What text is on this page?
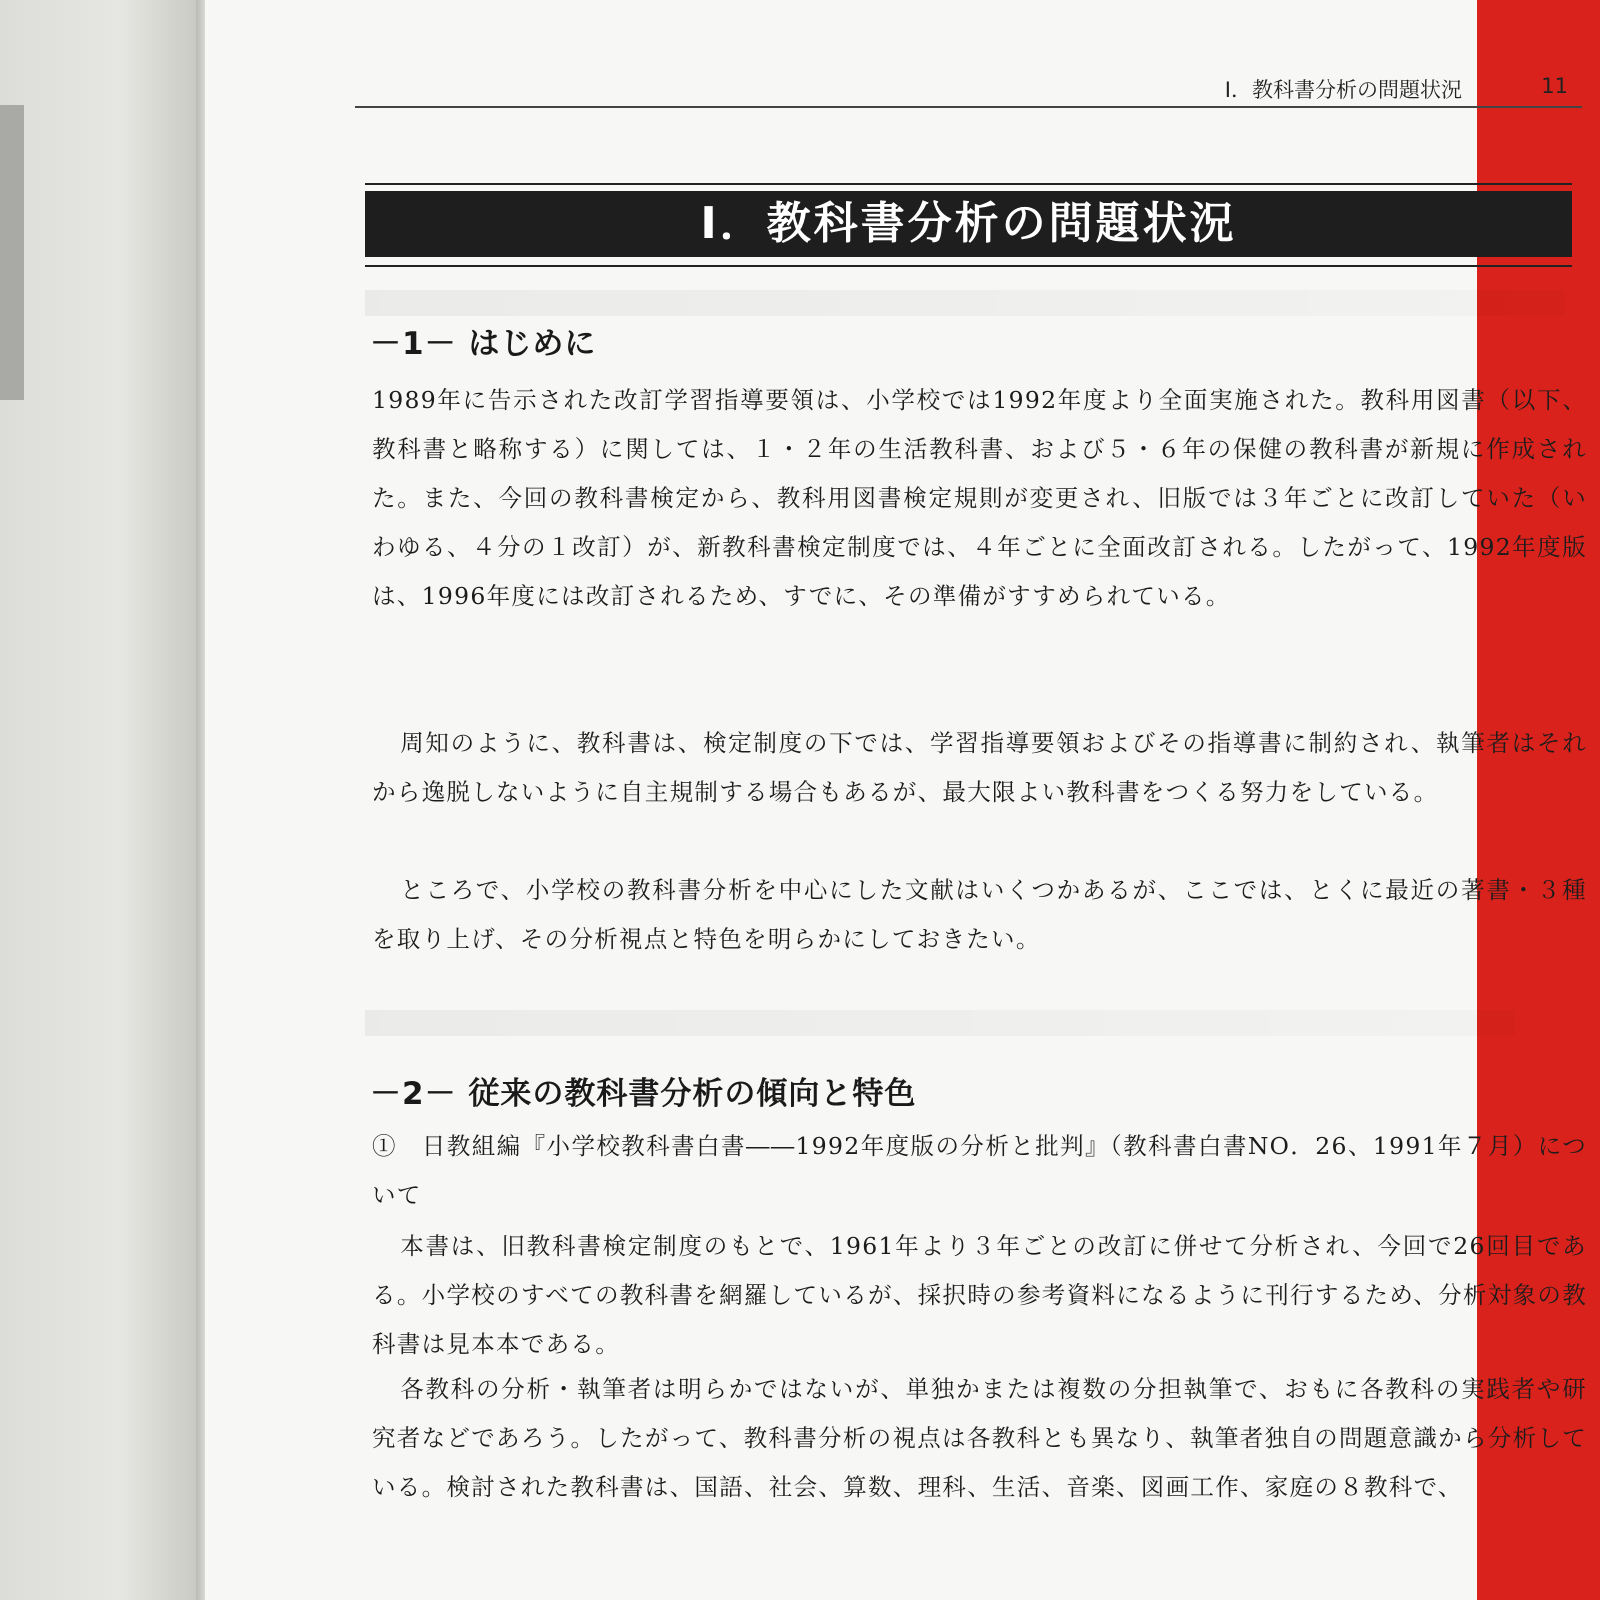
Ⅰ．教科書分析の問題状況	11
Ⅰ．教科書分析の問題状況
－1－ はじめに

1989年に告示された改訂学習指導要領は、小学校では1992年度より全面実施された。教科用図書（以下、教科書と略称する）に関しては、１・２年の生活教科書、および５・６年の保健の教科書が新規に作成された。また、今回の教科書検定から、教科用図書検定規則が変更され、旧版では３年ごとに改訂していた（いわゆる、４分の１改訂）が、新教科書検定制度では、４年ごとに全面改訂される。したがって、1992年度版は、1996年度には改訂されるため、すでに、その準備がすすめられている。

周知のように、教科書は、検定制度の下では、学習指導要領およびその指導書に制約され、執筆者はそれから逸脱しないように自主規制する場合もあるが、最大限よい教科書をつくる努力をしている。

ところで、小学校の教科書分析を中心にした文献はいくつかあるが、ここでは、とくに最近の著書・３種を取り上げ、その分析視点と特色を明らかにしておきたい。

－2－ 従来の教科書分析の傾向と特色

①　日教組編『小学校教科書白書――1992年度版の分析と批判』（教科書白書NO．26、1991年７月）について

本書は、旧教科書検定制度のもとで、1961年より３年ごとの改訂に併せて分析され、今回で26回目である。小学校のすべての教科書を網羅しているが、採択時の参考資料になるように刊行するため、分析対象の教科書は見本本である。

各教科の分析・執筆者は明らかではないが、単独かまたは複数の分担執筆で、おもに各教科の実践者や研究者などであろう。したがって、教科書分析の視点は各教科とも異なり、執筆者独自の問題意識から分析している。検討された教科書は、国語、社会、算数、理科、生活、音楽、図画工作、家庭の８教科で、
